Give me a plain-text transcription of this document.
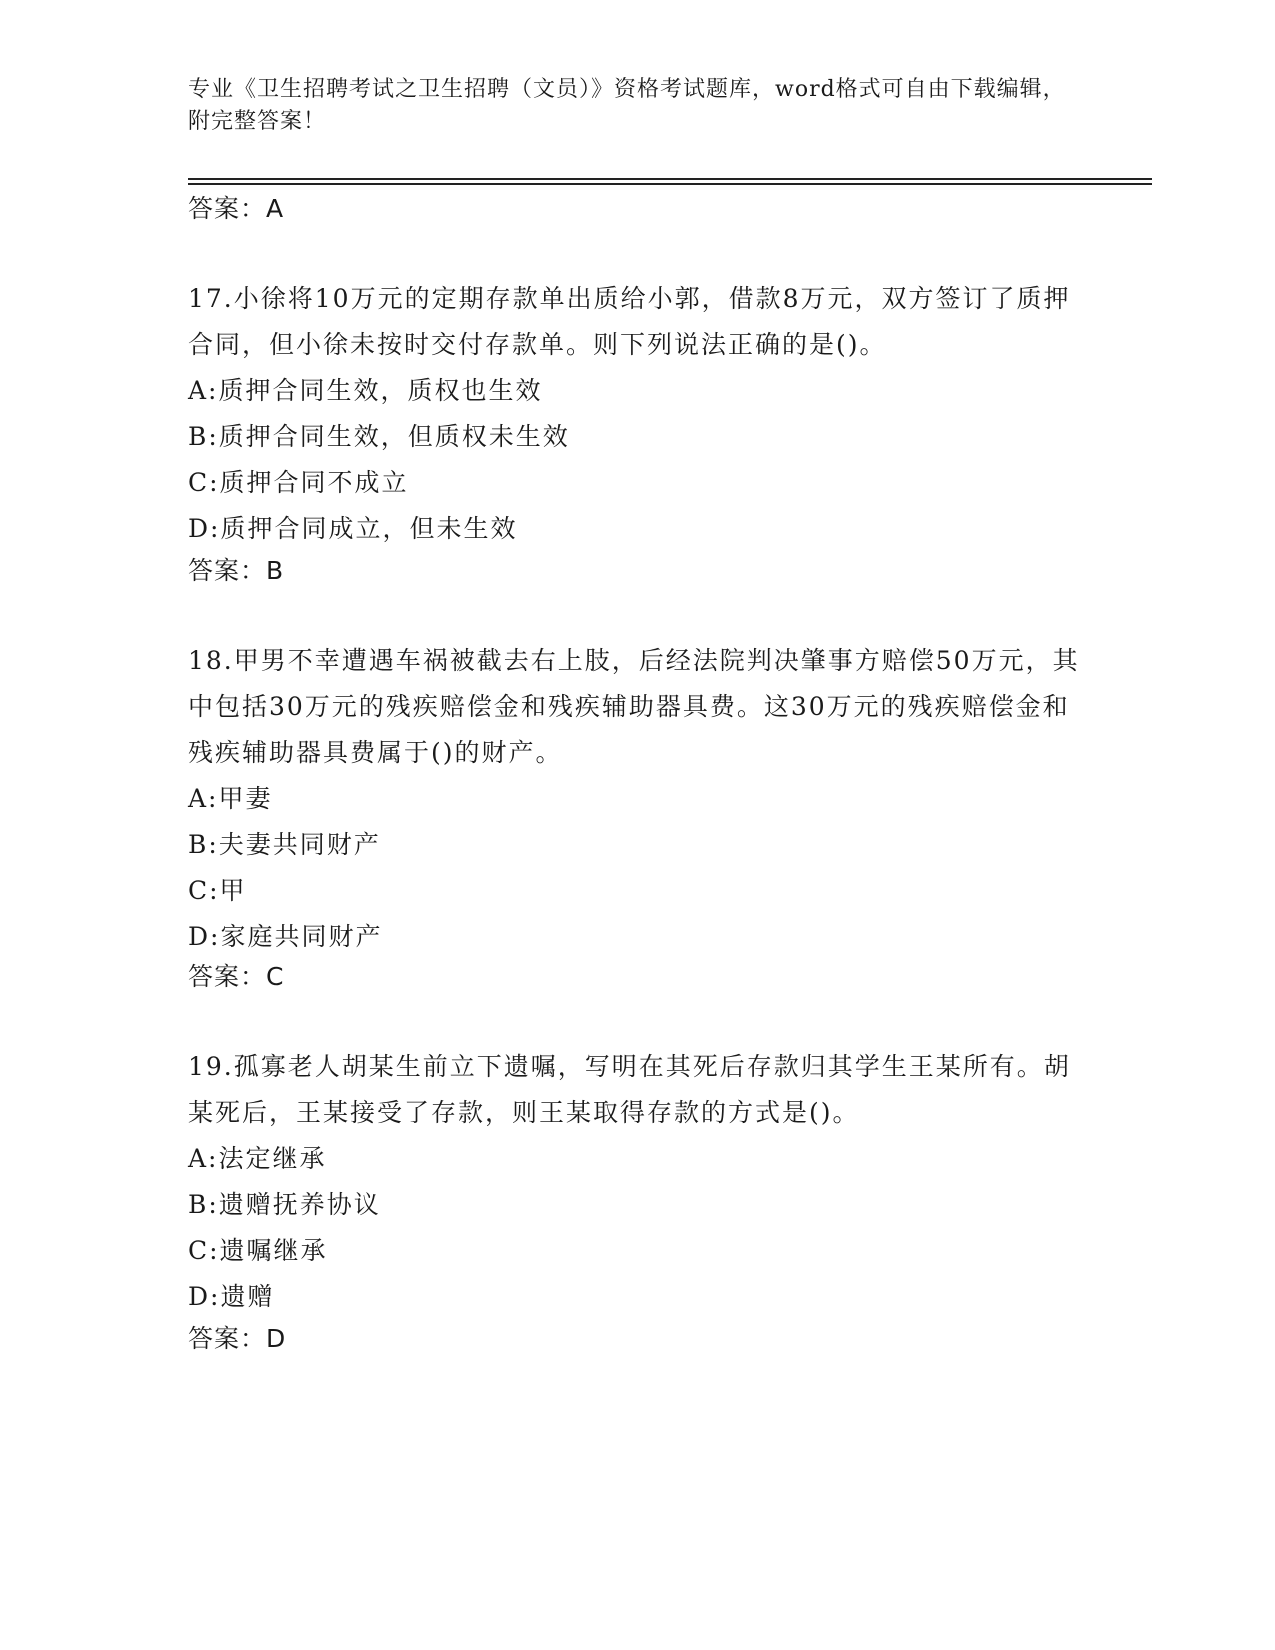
专业《卫生招聘考试之卫生招聘（文员）》资格考试题库，word格式可自由下载编辑，附完整答案！
答案：A
17.小徐将10万元的定期存款单出质给小郭，借款8万元，双方签订了质押合同，但小徐未按时交付存款单。则下列说法正确的是()。
A:质押合同生效，质权也生效
B:质押合同生效，但质权未生效
C:质押合同不成立
D:质押合同成立，但未生效
答案：B
18.甲男不幸遭遇车祸被截去右上肢，后经法院判决肇事方赔偿50万元，其中包括30万元的残疾赔偿金和残疾辅助器具费。这30万元的残疾赔偿金和残疾辅助器具费属于()的财产。
A:甲妻
B:夫妻共同财产
C:甲
D:家庭共同财产
答案：C
19.孤寡老人胡某生前立下遗嘱，写明在其死后存款归其学生王某所有。胡某死后，王某接受了存款，则王某取得存款的方式是()。
A:法定继承
B:遗赠抚养协议
C:遗嘱继承
D:遗赠
答案：D
